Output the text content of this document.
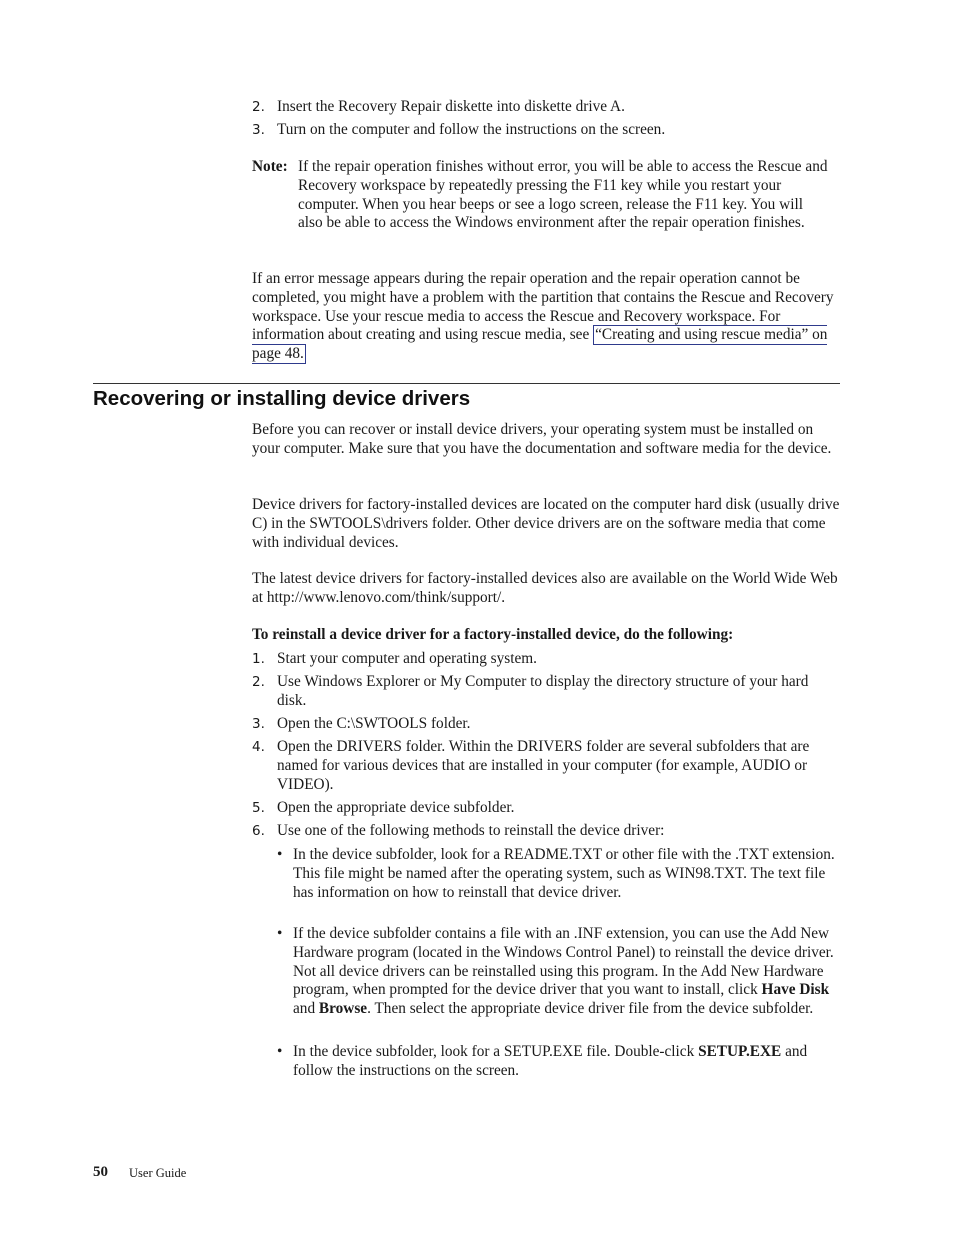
2. Insert the Recovery Repair diskette into diskette drive A.

3. Turn on the computer and follow the instructions on the screen.

Note: If the repair operation finishes without error, you will be able to access the Rescue and Recovery workspace by repeatedly pressing the F11 key while you restart your computer. When you hear beeps or see a logo screen, release the F11 key. You will also be able to access the Windows environment after the repair operation finishes.

If an error message appears during the repair operation and the repair operation cannot be completed, you might have a problem with the partition that contains the Rescue and Recovery workspace. Use your rescue media to access the Rescue and Recovery workspace. For information about creating and using rescue media, see “Creating and using rescue media” on page 48.

Recovering or installing device drivers

Before you can recover or install device drivers, your operating system must be installed on your computer. Make sure that you have the documentation and software media for the device.

Device drivers for factory-installed devices are located on the computer hard disk (usually drive C) in the SWTOOLS\drivers folder. Other device drivers are on the software media that come with individual devices.

The latest device drivers for factory-installed devices also are available on the World Wide Web at http://www.lenovo.com/think/support/.

To reinstall a device driver for a factory-installed device, do the following:

1. Start your computer and operating system.

2. Use Windows Explorer or My Computer to display the directory structure of your hard disk.

3. Open the C:\SWTOOLS folder.

4. Open the DRIVERS folder. Within the DRIVERS folder are several subfolders that are named for various devices that are installed in your computer (for example, AUDIO or VIDEO).

5. Open the appropriate device subfolder.

6. Use one of the following methods to reinstall the device driver:

• In the device subfolder, look for a README.TXT or other file with the .TXT extension. This file might be named after the operating system, such as WIN98.TXT. The text file has information on how to reinstall that device driver.

• If the device subfolder contains a file with an .INF extension, you can use the Add New Hardware program (located in the Windows Control Panel) to reinstall the device driver. Not all device drivers can be reinstalled using this program. In the Add New Hardware program, when prompted for the device driver that you want to install, click Have Disk and Browse. Then select the appropriate device driver file from the device subfolder.

• In the device subfolder, look for a SETUP.EXE file. Double-click SETUP.EXE and follow the instructions on the screen.

50 User Guide
